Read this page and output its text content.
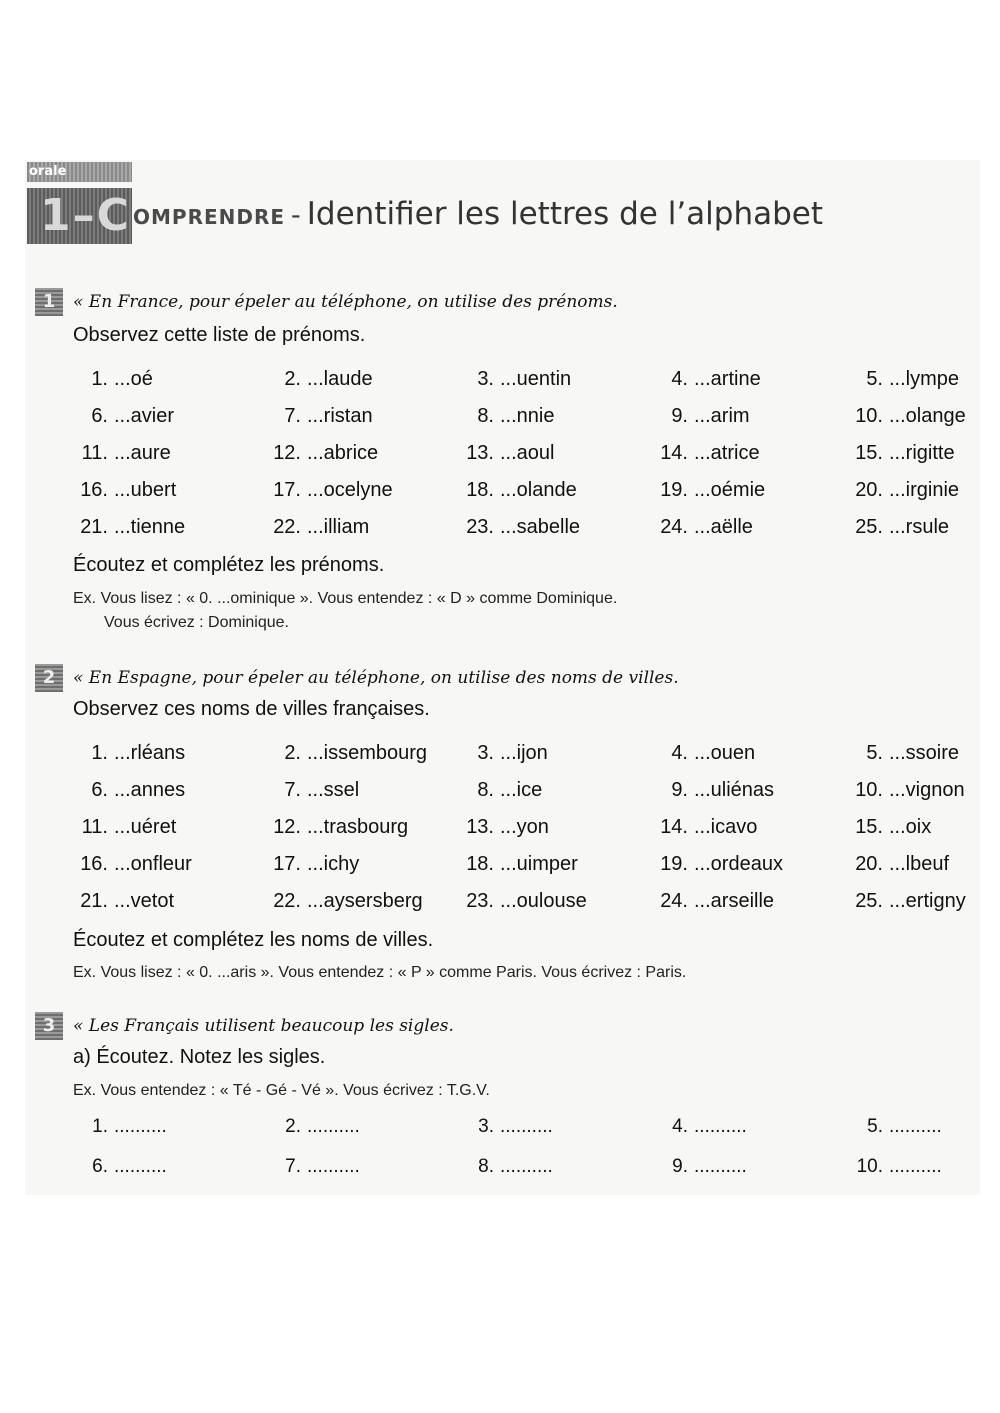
orale
1–C OMPRENDRE - Identifier les lettres de l’alphabet
1	« En France, pour épeler au téléphone, on utilise des prénoms.
Observez cette liste de prénoms.
1. ...oé	2. ...laude	3. ...uentin	4. ...artine	5. ...lympe
6. ...avier	7. ...ristan	8. ...nnie	9. ...arim	10. ...olange
11. ...aure	12. ...abrice	13. ...aoul	14. ...atrice	15. ...rigitte
16. ...ubert	17. ...ocelyne	18. ...olande	19. ...oémie	20. ...irginie
21. ...tienne	22. ...illiam	23. ...sabelle	24. ...aëlle	25. ...rsule
Écoutez et complétez les prénoms.
Ex. Vous lisez : « 0. ...ominique ». Vous entendez : « D » comme Dominique.
Vous écrivez : Dominique.
2	« En Espagne, pour épeler au téléphone, on utilise des noms de villes.
Observez ces noms de villes françaises.
1. ...rléans	2. ...issembourg	3. ...ijon	4. ...ouen	5. ...ssoire
6. ...annes	7. ...ssel	8. ...ice	9. ...uliénas	10. ...vignon
11. ...uéret	12. ...trasbourg	13. ...yon	14. ...icavo	15. ...oix
16. ...onfleur	17. ...ichy	18. ...uimper	19. ...ordeaux	20. ...lbeuf
21. ...vetot	22. ...aysersberg	23. ...oulouse	24. ...arseille	25. ...ertigny
Écoutez et complétez les noms de villes.
Ex. Vous lisez : « 0. ...aris ». Vous entendez : « P » comme Paris. Vous écrivez : Paris.
3	« Les Français utilisent beaucoup les sigles.
a) Écoutez. Notez les sigles.
Ex. Vous entendez : « Té - Gé - Vé ». Vous écrivez : T.G.V.
1. ..........	2. ..........	3. ..........	4. ..........	5. ..........
6. ..........	7. ..........	8. ..........	9. ..........	10. ..........
